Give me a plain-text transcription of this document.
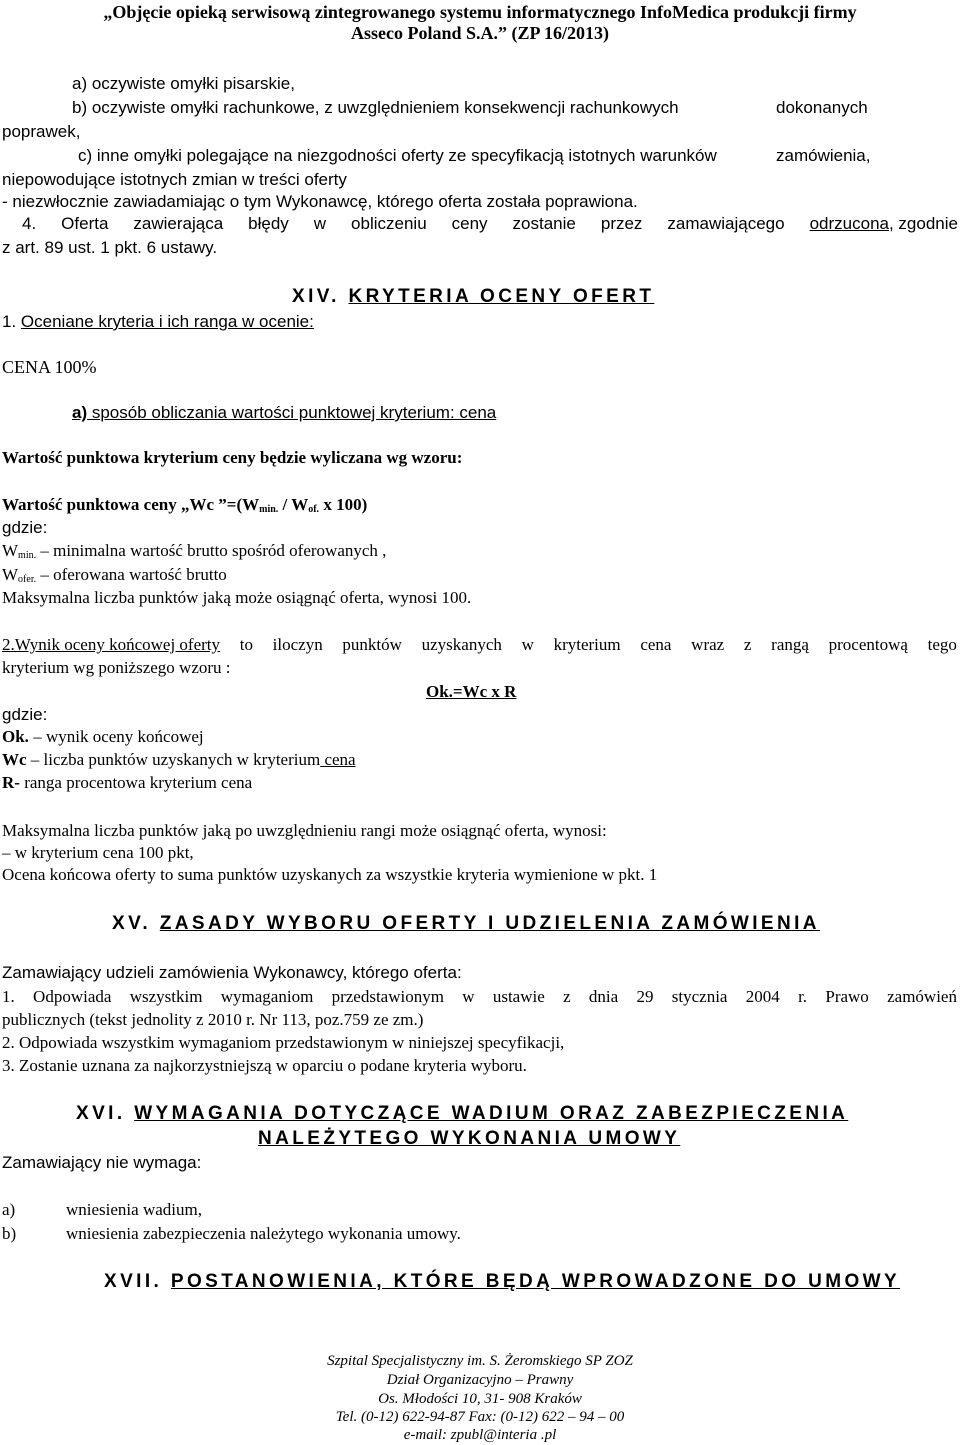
„Objęcie opieką serwisową zintegrowanego systemu informatycznego InfoMedica produkcji firmy
Asseco Poland S.A.” (ZP 16/2013)
a) oczywiste omyłki pisarskie,
b) oczywiste omyłki rachunkowe, z uwzględnieniem konsekwencji rachunkowych	dokonanych
poprawek,
c) inne omyłki polegające na niezgodności oferty ze specyfikacją istotnych warunków	zamówienia,
niepowodujące istotnych zmian w treści oferty
- niezwłocznie zawiadamiając o tym Wykonawcę, którego oferta została poprawiona.
4. Oferta zawierająca błędy w obliczeniu ceny zostanie przez zamawiającego odrzucona, zgodnie
z art. 89 ust. 1 pkt. 6 ustawy.
XIV. KRYTERIA OCENY OFERT
1. Oceniane kryteria i ich ranga w ocenie:
CENA 100%
a) sposób obliczania wartości punktowej kryterium: cena
Wartość punktowa kryterium ceny będzie wyliczana wg wzoru:
Wartość punktowa ceny „Wc $”=(W_{min.} / W_{of.}$ x 100)
gdzie:
$W_{min.}$ – minimalna wartość brutto spośród oferowanych ,
$W_{ofer.}$ – oferowana wartość brutto
Maksymalna liczba punktów jaką może osiągnąć oferta, wynosi 100.
2.Wynik oceny końcowej oferty to iloczyn punktów uzyskanych w kryterium cena wraz z rangą procentową tego
kryterium wg poniższego wzoru :
Ok.=Wc x R
gdzie:
Ok. – wynik oceny końcowej
Wc – liczba punktów uzyskanych w kryterium cena
R- ranga procentowa kryterium cena
Maksymalna liczba punktów jaką po uwzględnieniu rangi może osiągnąć oferta, wynosi:
– w kryterium cena 100 pkt,
Ocena końcowa oferty to suma punktów uzyskanych za wszystkie kryteria wymienione w pkt. 1
XV. ZASADY WYBORU OFERTY I UDZIELENIA ZAMÓWIENIA
Zamawiający udzieli zamówienia Wykonawcy, którego oferta:
1. Odpowiada wszystkim wymaganiom przedstawionym w ustawie z dnia 29 stycznia 2004 r. Prawo zamówień
publicznych (tekst jednolity z 2010 r. Nr 113, poz.759 ze zm.)
2. Odpowiada wszystkim wymaganiom przedstawionym w niniejszej specyfikacji,
3. Zostanie uznana za najkorzystniejszą w oparciu o podane kryteria wyboru.
XVI. WYMAGANIA DOTYCZĄCE WADIUM ORAZ ZABEZPIECZENIA
NALEŻYTEGO WYKONANIA UMOWY
Zamawiający nie wymaga:
a)	wniesienia wadium,
b)	wniesienia zabezpieczenia należytego wykonania umowy.
XVII. POSTANOWIENIA, KTÓRE BĘDĄ WPROWADZONE DO UMOWY
Szpital Specjalistyczny im. S. Żeromskiego SP ZOZ
Dział Organizacyjno – Prawny
Os. Młodości 10, 31- 908 Kraków
Tel. (0-12) 622-94-87 Fax: (0-12) 622 – 94 – 00
e-mail: zpubl@interia .pl
